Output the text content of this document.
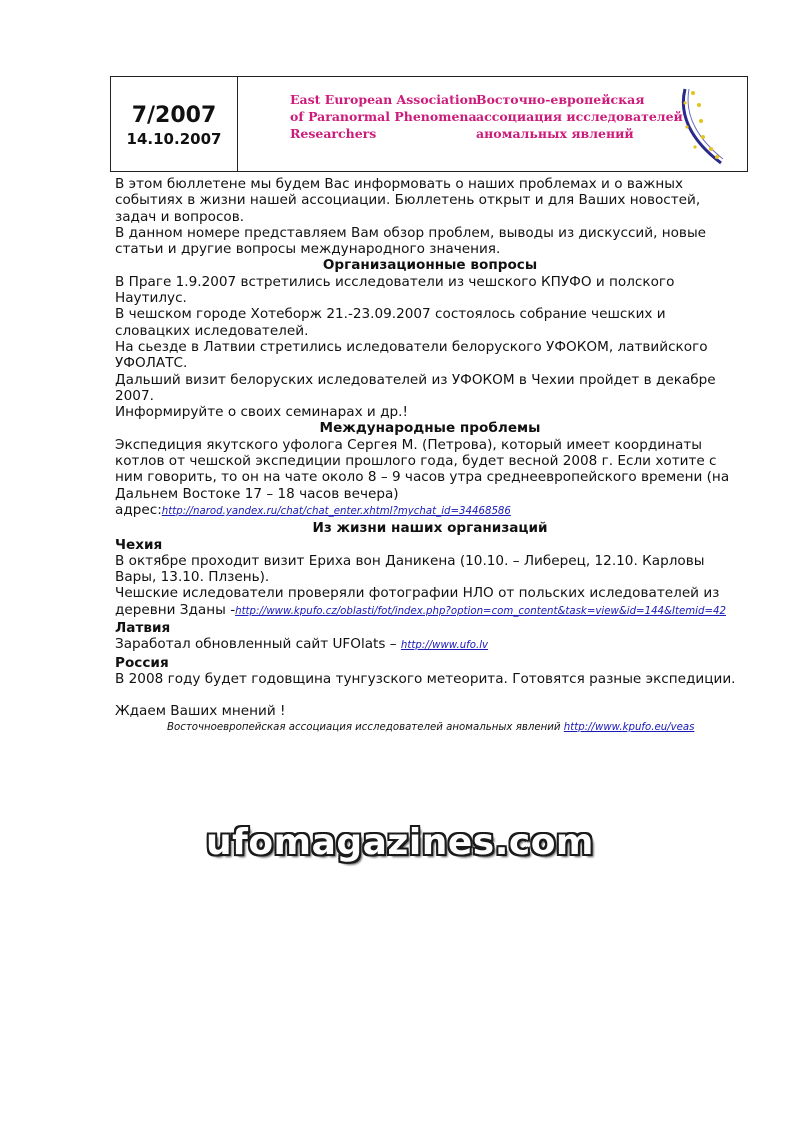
7/2007
14.10.2007
East European Association
of Paranormal Phenomena
Researchers
Восточно-европейская
ассоциация исследователей
аномальных явлений

В этом бюллетене мы будем Вас информовать о наших проблемах и о важных событиях в жизни нашей ассоциации. Бюллетень открыт и для Ваших новостей, задач и вопросов.

В данном номере представляем Вам обзор проблем, выводы из дискуссий, новые статьи и другие вопросы международного значения.

Организационные вопросы

В Праге 1.9.2007 встретились исследователи из чешского КПУФО и полского Наутилус.

В чешском городе Хотеборж 21.-23.09.2007 состоялось собрание чешских и словацких иследователей.

На сьезде в Латвии стретились иследователи белоруского УФОКОМ, латвийского УФОЛАТС.

Дальший визит белоруских иследователей из УФОКОМ в Чехии пройдет в декабре 2007.

Информируйте о своих семинарах и др.!

Международные проблемы

Экспедиция якутского уфолога Сергея М. (Петрова), который имеет координаты котлов от чешской экспедиции прошлого года, будет весной 2008 г. Если хотите с ним говорить, то он на чате около 8 – 9 часов утра среднеевропейского времени (на Дальнем Востоке 17 – 18 часов вечера)

адрес:http://narod.yandex.ru/chat/chat_enter.xhtml?mychat_id=34468586

Из жизни наших организаций

Чехия

В октябре проходит визит Ериха вон Даникена (10.10. – Либерец, 12.10. Карловы Вары, 13.10. Плзень).

Чешские иследователи проверяли фотографии НЛО от польских иследователей из деревни Зданы -http://www.kpufo.cz/oblasti/fot/index.php?option=com_content&task=view&id=144&Itemid=42

Латвия

Заработал обновленный сайт UFOlats – http://www.ufo.lv

Россия

В 2008 году будет годовщина тунгузского метеорита. Готовятся разные экспедиции.

Ждаем Ваших мнений !

Восточноевропейская ассоциация исследователей аномальных явлений http://www.kpufo.eu/veas

ufomagazines.com
